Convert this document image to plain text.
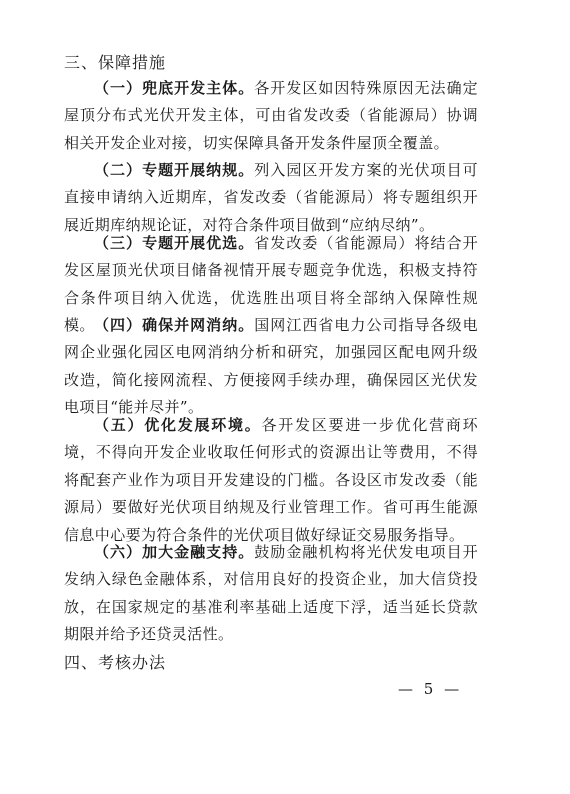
三、保障措施

（一）兜底开发主体。各开发区如因特殊原因无法确定屋顶分布式光伏开发主体，可由省发改委（省能源局）协调相关开发企业对接，切实保障具备开发条件屋顶全覆盖。

（二）专题开展纳规。列入园区开发方案的光伏项目可直接申请纳入近期库，省发改委（省能源局）将专题组织开展近期库纳规论证，对符合条件项目做到“应纳尽纳”。

（三）专题开展优选。省发改委（省能源局）将结合开发区屋顶光伏项目储备视情开展专题竞争优选，积极支持符合条件项目纳入优选，优选胜出项目将全部纳入保障性规模。 （四）确保并网消纳。国网江西省电力公司指导各级电网企业强化园区电网消纳分析和研究，加强园区配电网升级改造，简化接网流程、方便接网手续办理，确保园区光伏发电项目“能并尽并”。

（五）优化发展环境。各开发区要进一步优化营商环境，不得向开发企业收取任何形式的资源出让等费用，不得将配套产业作为项目开发建设的门槛。各设区市发改委（能源局）要做好光伏项目纳规及行业管理工作。省可再生能源信息中心要为符合条件的光伏项目做好绿证交易服务指导。

（六）加大金融支持。鼓励金融机构将光伏发电项目开发纳入绿色金融体系，对信用良好的投资企业，加大信贷投放，在国家规定的基准利率基础上适度下浮，适当延长贷款期限并给予还贷灵活性。

四、考核办法
— 5 —
